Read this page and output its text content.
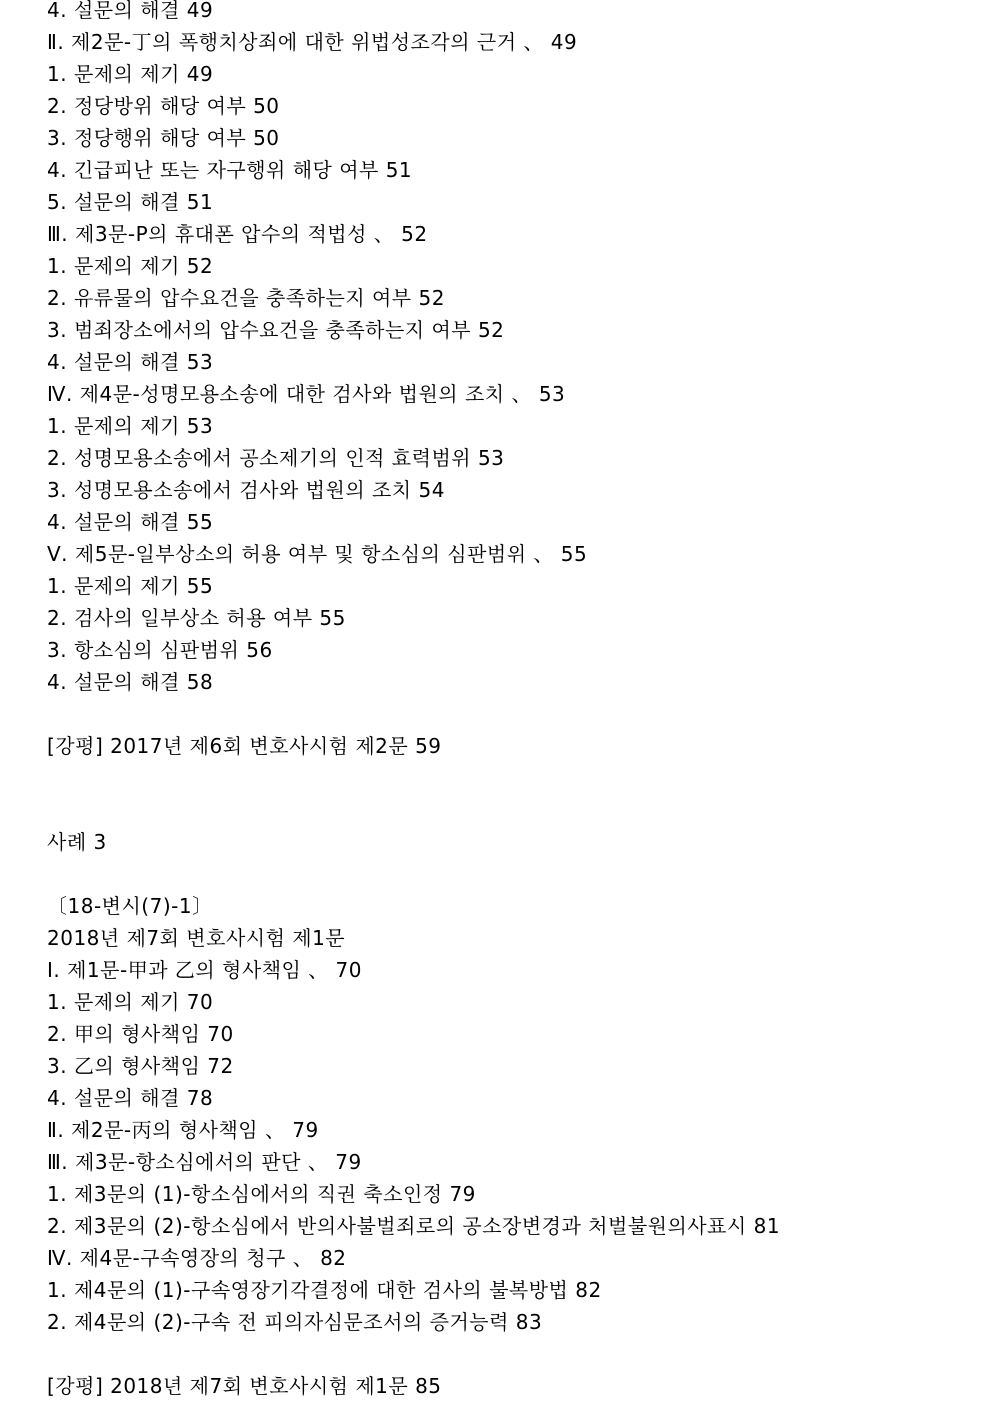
4. 설문의 해결 49
Ⅱ. 제2문-丁의 폭행치상죄에 대한 위법성조각의 근거 、 49
1. 문제의 제기 49
2. 정당방위 해당 여부 50
3. 정당행위 해당 여부 50
4. 긴급피난 또는 자구행위 해당 여부 51
5. 설문의 해결 51
Ⅲ. 제3문-P의 휴대폰 압수의 적법성 、 52
1. 문제의 제기 52
2. 유류물의 압수요건을 충족하는지 여부 52
3. 범죄장소에서의 압수요건을 충족하는지 여부 52
4. 설문의 해결 53
Ⅳ. 제4문-성명모용소송에 대한 검사와 법원의 조치 、 53
1. 문제의 제기 53
2. 성명모용소송에서 공소제기의 인적 효력범위 53
3. 성명모용소송에서 검사와 법원의 조치 54
4. 설문의 해결 55
Ⅴ. 제5문-일부상소의 허용 여부 및 항소심의 심판범위 、 55
1. 문제의 제기 55
2. 검사의 일부상소 허용 여부 55
3. 항소심의 심판범위 56
4. 설문의 해결 58
[강평] 2017년 제6회 변호사시험 제2문 59
사례 3
〔18-변시(7)-1〕
2018년 제7회 변호사시험 제1문
Ⅰ. 제1문-甲과 乙의 형사책임 、 70
1. 문제의 제기 70
2. 甲의 형사책임 70
3. 乙의 형사책임 72
4. 설문의 해결 78
Ⅱ. 제2문-丙의 형사책임 、 79
Ⅲ. 제3문-항소심에서의 판단 、 79
1. 제3문의 (1)-항소심에서의 직권 축소인정 79
2. 제3문의 (2)-항소심에서 반의사불벌죄로의 공소장변경과 처벌불원의사표시 81
Ⅳ. 제4문-구속영장의 청구 、 82
1. 제4문의 (1)-구속영장기각결정에 대한 검사의 불복방법 82
2. 제4문의 (2)-구속 전 피의자심문조서의 증거능력 83
[강평] 2018년 제7회 변호사시험 제1문 85
